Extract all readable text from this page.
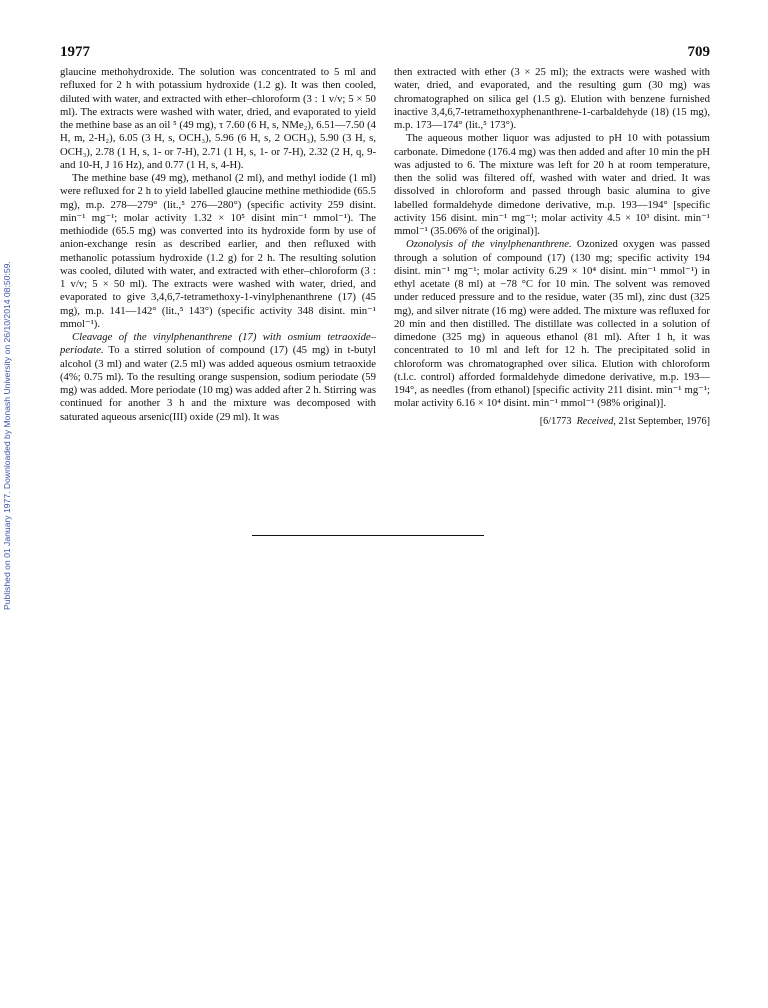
Published on 01 January 1977. Downloaded by Monash University on 26/10/2014 08:50:59.
1977	709

glaucine methohydroxide. The solution was concentrated to 5 ml and refluxed for 2 h with potassium hydroxide (1.2 g). It was then cooled, diluted with water, and extracted with ether–chloroform (3 : 1 v/v; 5 × 50 ml). The extracts were washed with water, dried, and evaporated to yield the methine base as an oil ⁵ (49 mg), τ 7.60 (6 H, s, NMe₂), 6.51—7.50 (4 H, m, 2-H₂), 6.05 (3 H, s, OCH₃), 5.96 (6 H, s, 2 OCH₃), 5.90 (3 H, s, OCH₃), 2.78 (1 H, s, 1- or 7-H), 2.71 (1 H, s, 1- or 7-H), 2.32 (2 H, q, 9- and 10-H, J 16 Hz), and 0.77 (1 H, s, 4-H).

The methine base (49 mg), methanol (2 ml), and methyl iodide (1 ml) were refluxed for 2 h to yield labelled glaucine methine methiodide (65.5 mg), m.p. 278—279° (lit.,⁵ 276—280°) (specific activity 259 disint. min⁻¹ mg⁻¹; molar activity 1.32 × 10⁵ disint min⁻¹ mmol⁻¹). The methiodide (65.5 mg) was converted into its hydroxide form by use of anion-exchange resin as described earlier, and then refluxed with methanolic potassium hydroxide (1.2 g) for 2 h. The resulting solution was cooled, diluted with water, and extracted with ether–chloroform (3 : 1 v/v; 5 × 50 ml). The extracts were washed with water, dried, and evaporated to give 3,4,6,7-tetramethoxy-1-vinylphenanthrene (17) (45 mg), m.p. 141—142° (lit.,⁵ 143°) (specific activity 348 disint. min⁻¹ mmol⁻¹).

Cleavage of the vinylphenanthrene (17) with osmium tetraoxide–periodate. To a stirred solution of compound (17) (45 mg) in t-butyl alcohol (3 ml) and water (2.5 ml) was added aqueous osmium tetraoxide (4%; 0.75 ml). To the resulting orange suspension, sodium periodate (59 mg) was added. More periodate (10 mg) was added after 2 h. Stirring was continued for another 3 h and the mixture was decomposed with saturated aqueous arsenic(III) oxide (29 ml). It was

then extracted with ether (3 × 25 ml); the extracts were washed with water, dried, and evaporated, and the resulting gum (30 mg) was chromatographed on silica gel (1.5 g). Elution with benzene furnished inactive 3,4,6,7-tetramethoxyphenanthrene-1-carbaldehyde (18) (15 mg), m.p. 173—174° (lit.,⁵ 173°).

The aqueous mother liquor was adjusted to pH 10 with potassium carbonate. Dimedone (176.4 mg) was then added and after 10 min the pH was adjusted to 6. The mixture was left for 20 h at room temperature, then the solid was filtered off, washed with water and dried. It was dissolved in chloroform and passed through basic alumina to give labelled formaldehyde dimedone derivative, m.p. 193—194° [specific activity 156 disint. min⁻¹ mg⁻¹; molar activity 4.5 × 10³ disint. min⁻¹ mmol⁻¹ (35.06% of the original)].

Ozonolysis of the vinylphenanthrene. Ozonized oxygen was passed through a solution of compound (17) (130 mg; specific activity 194 disint. min⁻¹ mg⁻¹; molar activity 6.29 × 10⁴ disint. min⁻¹ mmol⁻¹) in ethyl acetate (8 ml) at −78 °C for 10 min. The solvent was removed under reduced pressure and to the residue, water (35 ml), zinc dust (325 mg), and silver nitrate (16 mg) were added. The mixture was refluxed for 20 min and then distilled. The distillate was collected in a solution of dimedone (325 mg) in aqueous ethanol (81 ml). After 1 h, it was concentrated to 10 ml and left for 12 h. The precipitated solid in chloroform was chromatographed over silica. Elution with chloroform (t.l.c. control) afforded formaldehyde dimedone derivative, m.p. 193—194°, as needles (from ethanol) [specific activity 211 disint. min⁻¹ mg⁻¹; molar activity 6.16 × 10⁴ disint. min⁻¹ mmol⁻¹ (98% original)].

[6/1773 Received, 21st September, 1976]
